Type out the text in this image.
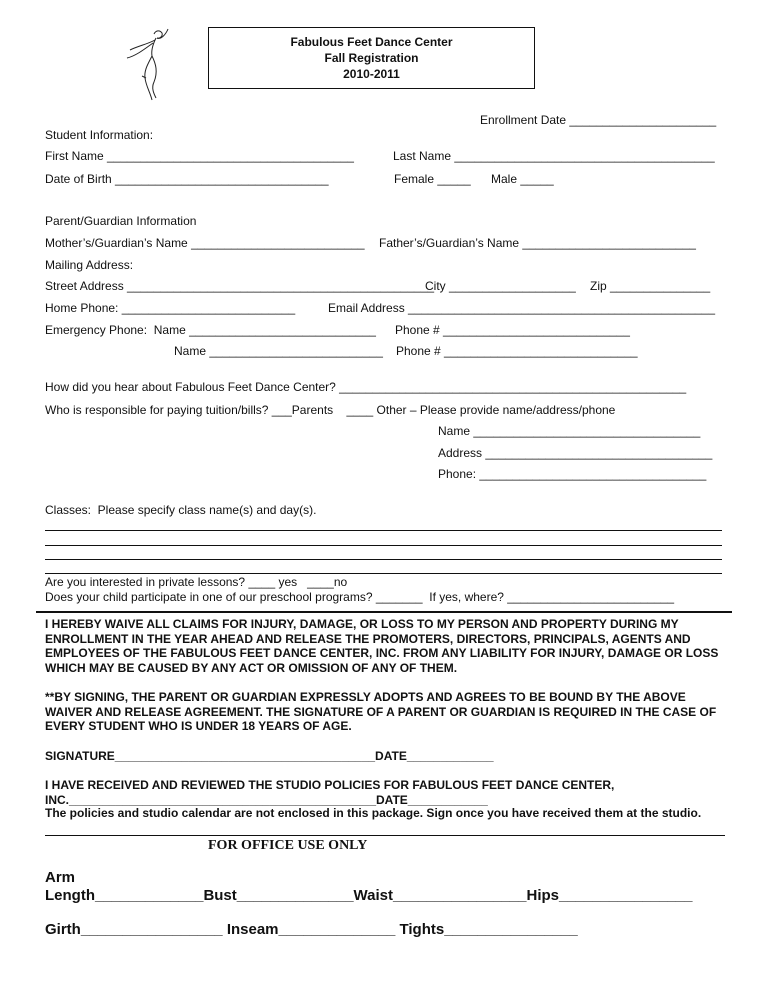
Fabulous Feet Dance Center
Fall Registration
2010-2011
Enrollment Date ______________________
Student Information:
First Name _____________________________________	Last Name _______________________________________
Date of Birth ________________________________	Female _____ Male _____
Parent/Guardian Information
Mother’s/Guardian’s Name __________________________ Father’s/Guardian’s Name __________________________
Mailing Address:
Street Address ______________________________________________
City ___________________ Zip _______________
Home Phone: __________________________	Email Address ______________________________________________
Emergency Phone:  Name ____________________________ Phone # ____________________________
Name __________________________ Phone # _____________________________
How did you hear about Fabulous Feet Dance Center? ____________________________________________________
Who is responsible for paying tuition/bills? ___Parents    ____ Other – Please provide name/address/phone
Name __________________________________
Address __________________________________
Phone: __________________________________
Classes:  Please specify class name(s) and day(s).
Are you interested in private lessons? ____ yes   ____no
Does your child participate in one of our preschool programs? _______  If yes, where? _________________________
I HEREBY WAIVE ALL CLAIMS FOR INJURY, DAMAGE, OR LOSS TO MY PERSON AND PROPERTY DURING MY ENROLLMENT IN THE YEAR AHEAD AND RELEASE THE PROMOTERS, DIRECTORS, PRINCIPALS, AGENTS AND EMPLOYEES OF THE FABULOUS FEET DANCE CENTER, INC. FROM ANY LIABILITY FOR INJURY, DAMAGE OR LOSS WHICH MAY BE CAUSED BY ANY ACT OR OMISSION OF ANY OF THEM.
**BY SIGNING, THE PARENT OR GUARDIAN EXPRESSLY ADOPTS AND AGREES TO BE BOUND BY THE ABOVE WAIVER AND RELEASE AGREEMENT. THE SIGNATURE OF A PARENT OR GUARDIAN IS REQUIRED IN THE CASE OF EVERY STUDENT WHO IS UNDER 18 YEARS OF AGE.
SIGNATURE_______________________________________DATE_____________
I HAVE RECEIVED AND REVIEWED THE STUDIO POLICIES FOR FABULOUS FEET DANCE CENTER, INC.______________________________________________DATE____________
The policies and studio calendar are not enclosed in this package. Sign once you have received them at the studio.
FOR OFFICE USE ONLY
Arm
Length_____________Bust______________Waist________________Hips________________
Girth_________________ Inseam______________ Tights________________
